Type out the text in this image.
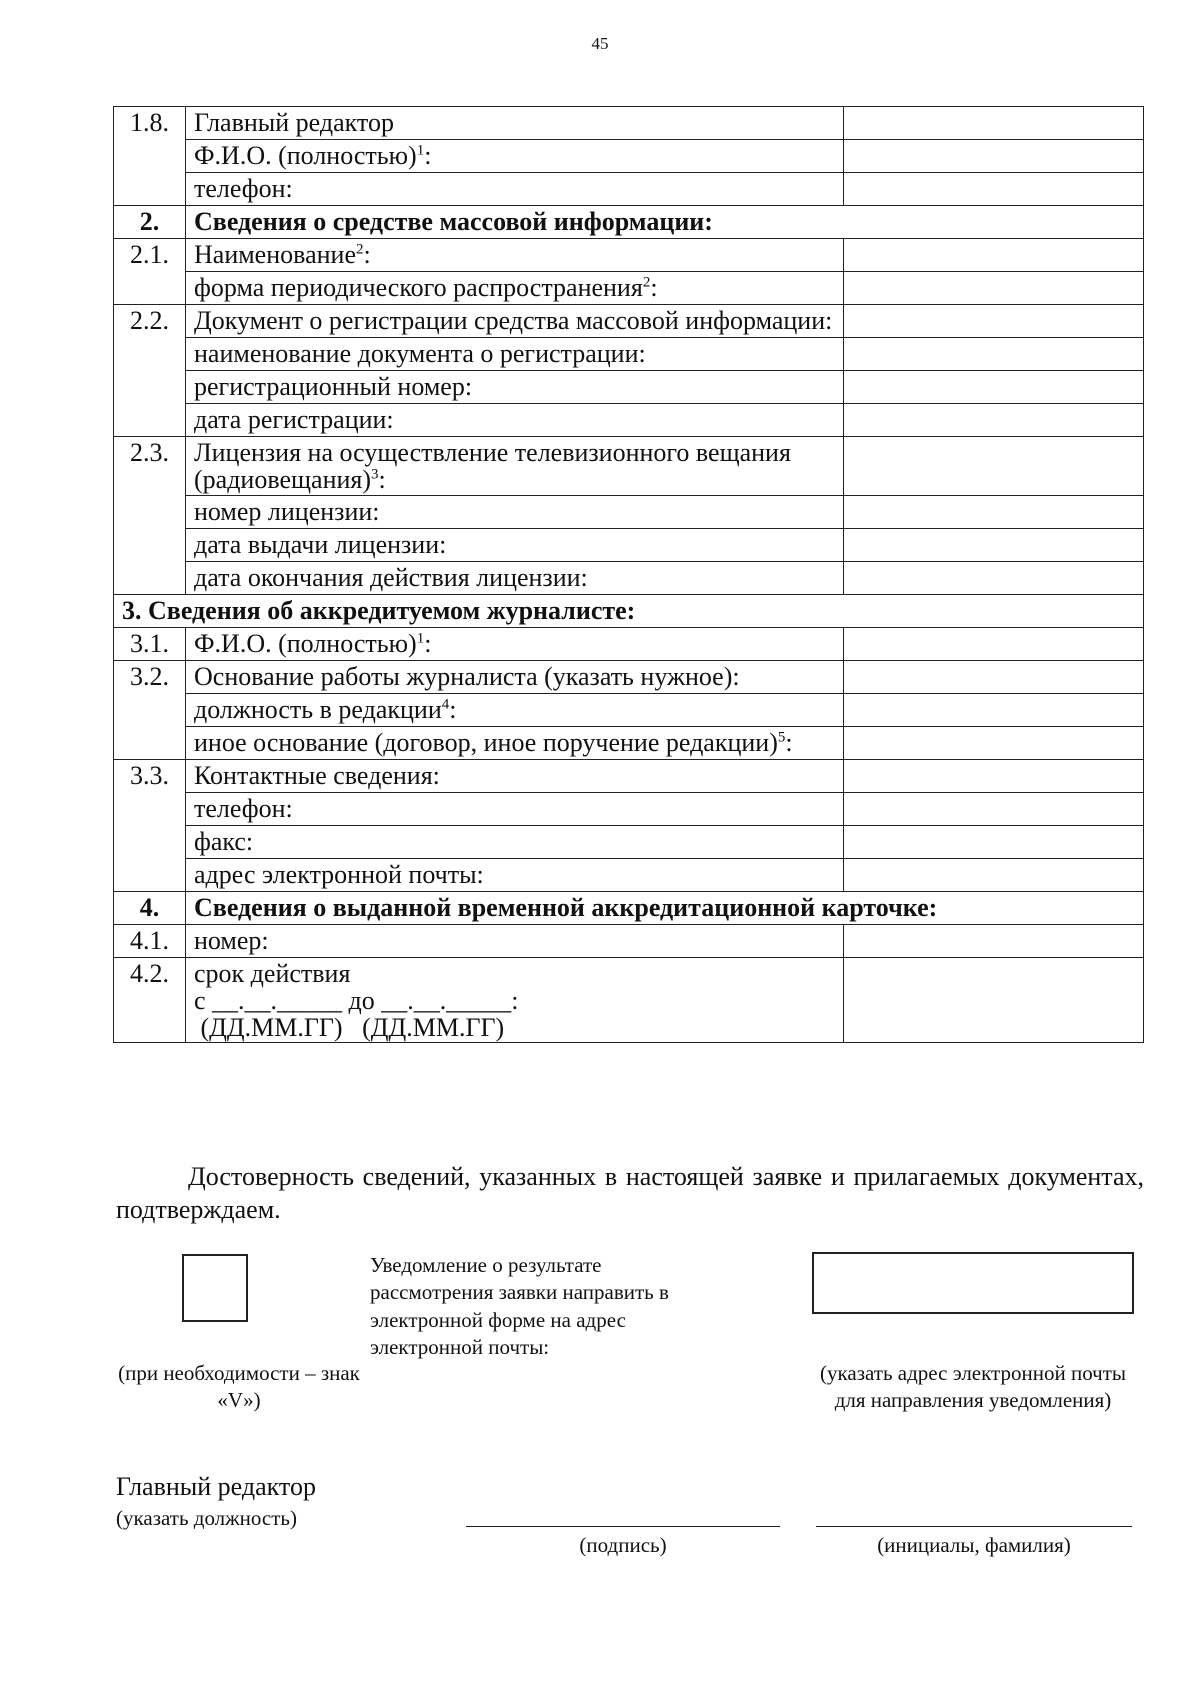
45
1.8.	Главный редактор	
	Ф.И.О. (полностью)$^1$:	
	телефон:	
2.	Сведения о средстве массовой информации:	
2.1.	Наименование$^2$:	
	форма периодического распространения$^2$:	
2.2.	Документ о регистрации средства массовой информации:	
	наименование документа о регистрации:	
	регистрационный номер:	
	дата регистрации:	
2.3.	Лицензия на осуществление телевизионного вещания (радиовещания)$^3$:	
	номер лицензии:	
	дата выдачи лицензии:	
	дата окончания действия лицензии:	
3. Сведения об аккредитуемом журналисте:		
3.1.	Ф.И.О. (полностью)$^1$:	
3.2.	Основание работы журналиста (указать нужное):	
	должность в редакции$^4$:	
	иное основание (договор, иное поручение редакции)$^5$:	
3.3.	Контактные сведения:	
	телефон:	
	факс:	
	адрес электронной почты:	
4.	Сведения о выданной временной аккредитационной карточке:	
4.1.	номер:	
4.2.	срок действия
с __.__._____ до __.__._____:
(ДД.ММ.ГГ)   (ДД.ММ.ГГ)	

Достоверность сведений, указанных в настоящей заявке и прилагаемых документах, подтверждаем.
Уведомление о результате рассмотрения заявки направить в электронной форме на адрес электронной почты:
(при необходимости – знак «V»)
(указать адрес электронной почты для направления уведомления)
Главный редактор
(указать должность)
(подпись)	(инициалы, фамилия)
